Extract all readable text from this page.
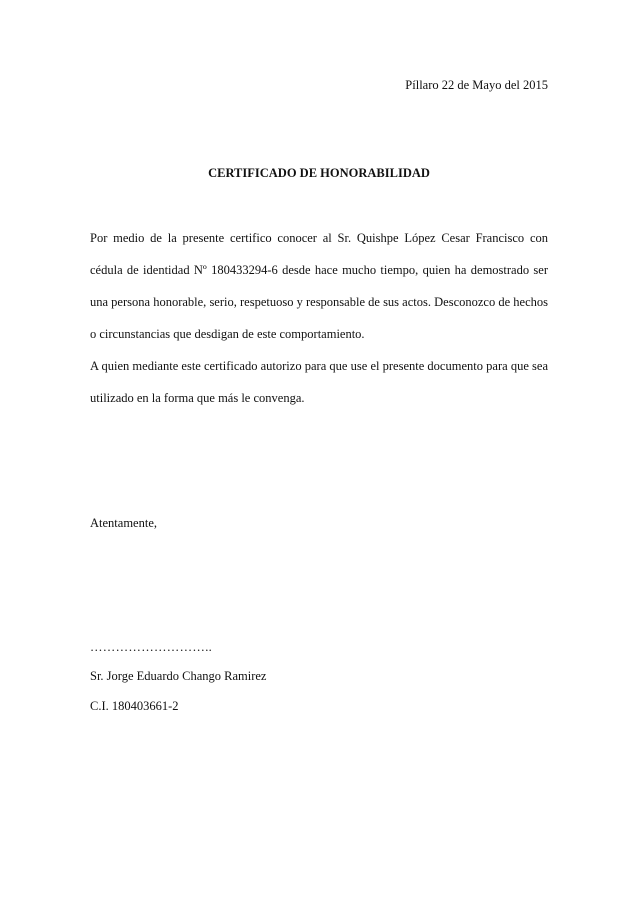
Píllaro 22 de Mayo del 2015
CERTIFICADO DE HONORABILIDAD

Por medio de la presente certifico conocer al Sr. Quishpe López Cesar Francisco con cédula de identidad Nº 180433294-6 desde hace mucho tiempo, quien ha demostrado ser una persona honorable, serio, respetuoso y responsable de sus actos. Desconozco de hechos o circunstancias que desdigan de este comportamiento.

A quien mediante este certificado autorizo para que use el presente documento para que sea utilizado en la forma que más le convenga.

Atentamente,
………………………..
Sr. Jorge Eduardo Chango Ramirez
C.I. 180403661-2
